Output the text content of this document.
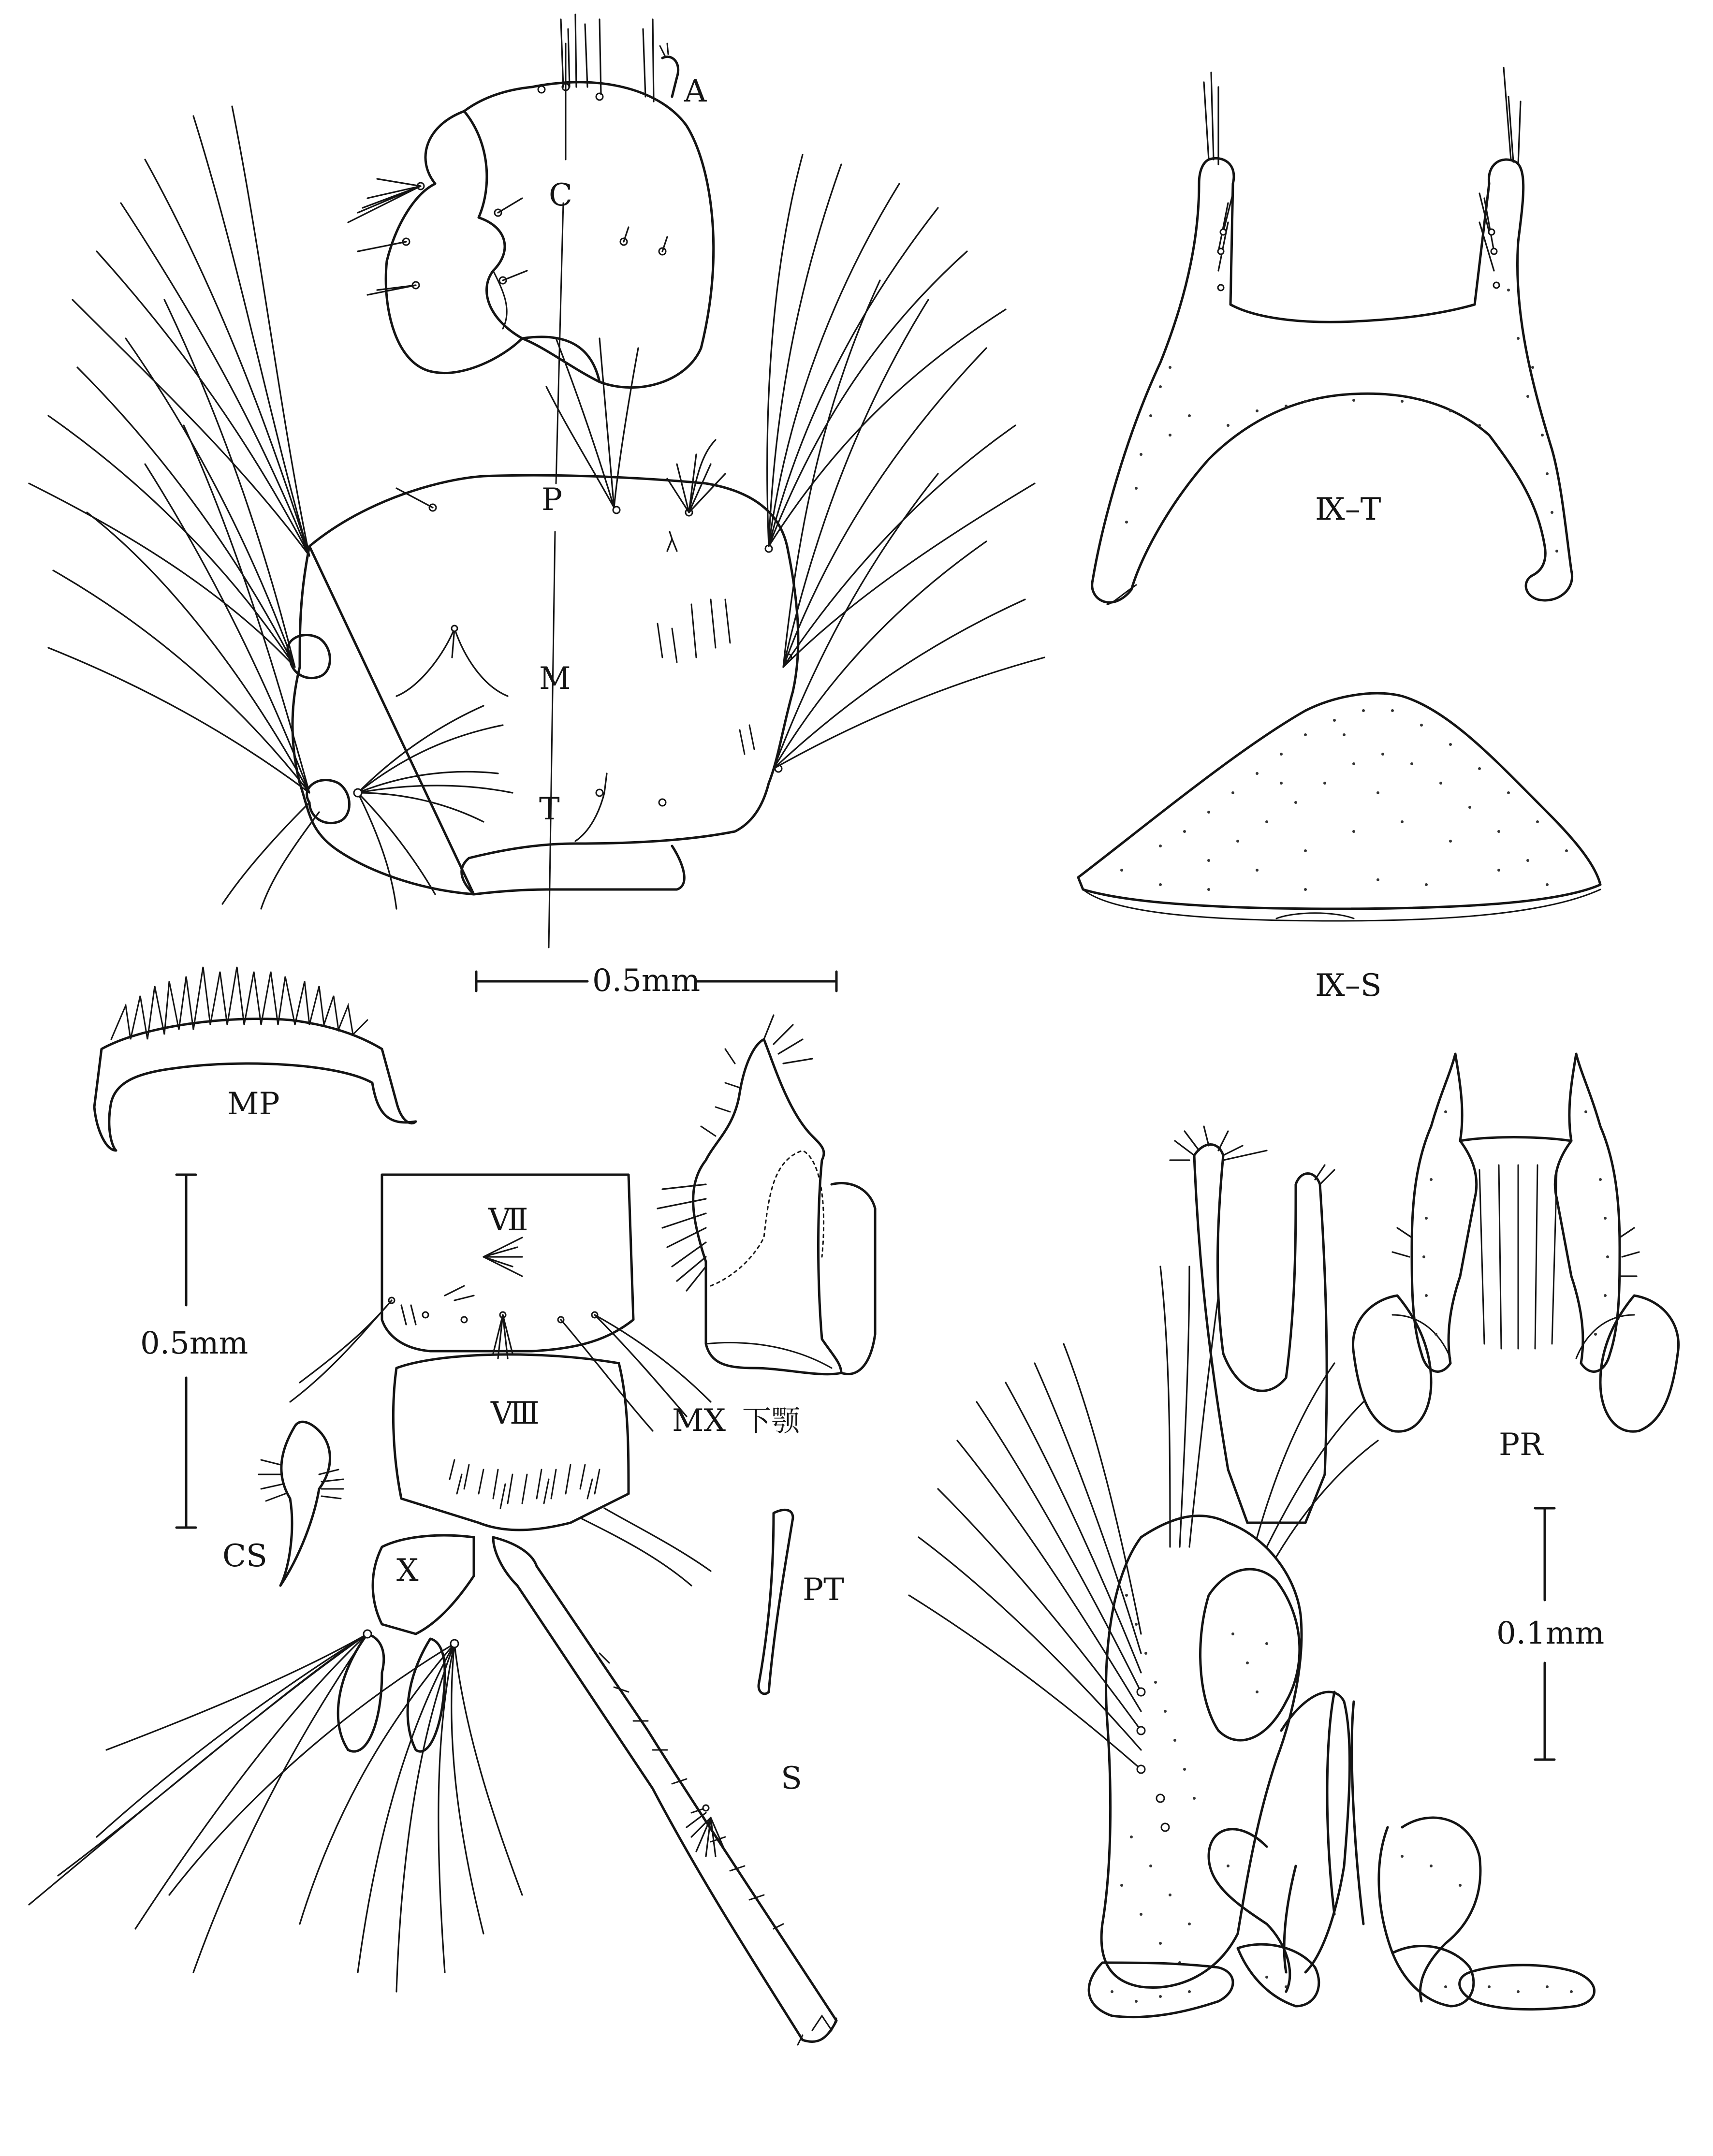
A
C
P
M
T
0.5mm
Ⅸ–T
Ⅸ–S
MP
MX 下颚
0.5mm
Ⅶ
Ⅷ
Ⅹ
S
CS
PT
0.1mm
PR
